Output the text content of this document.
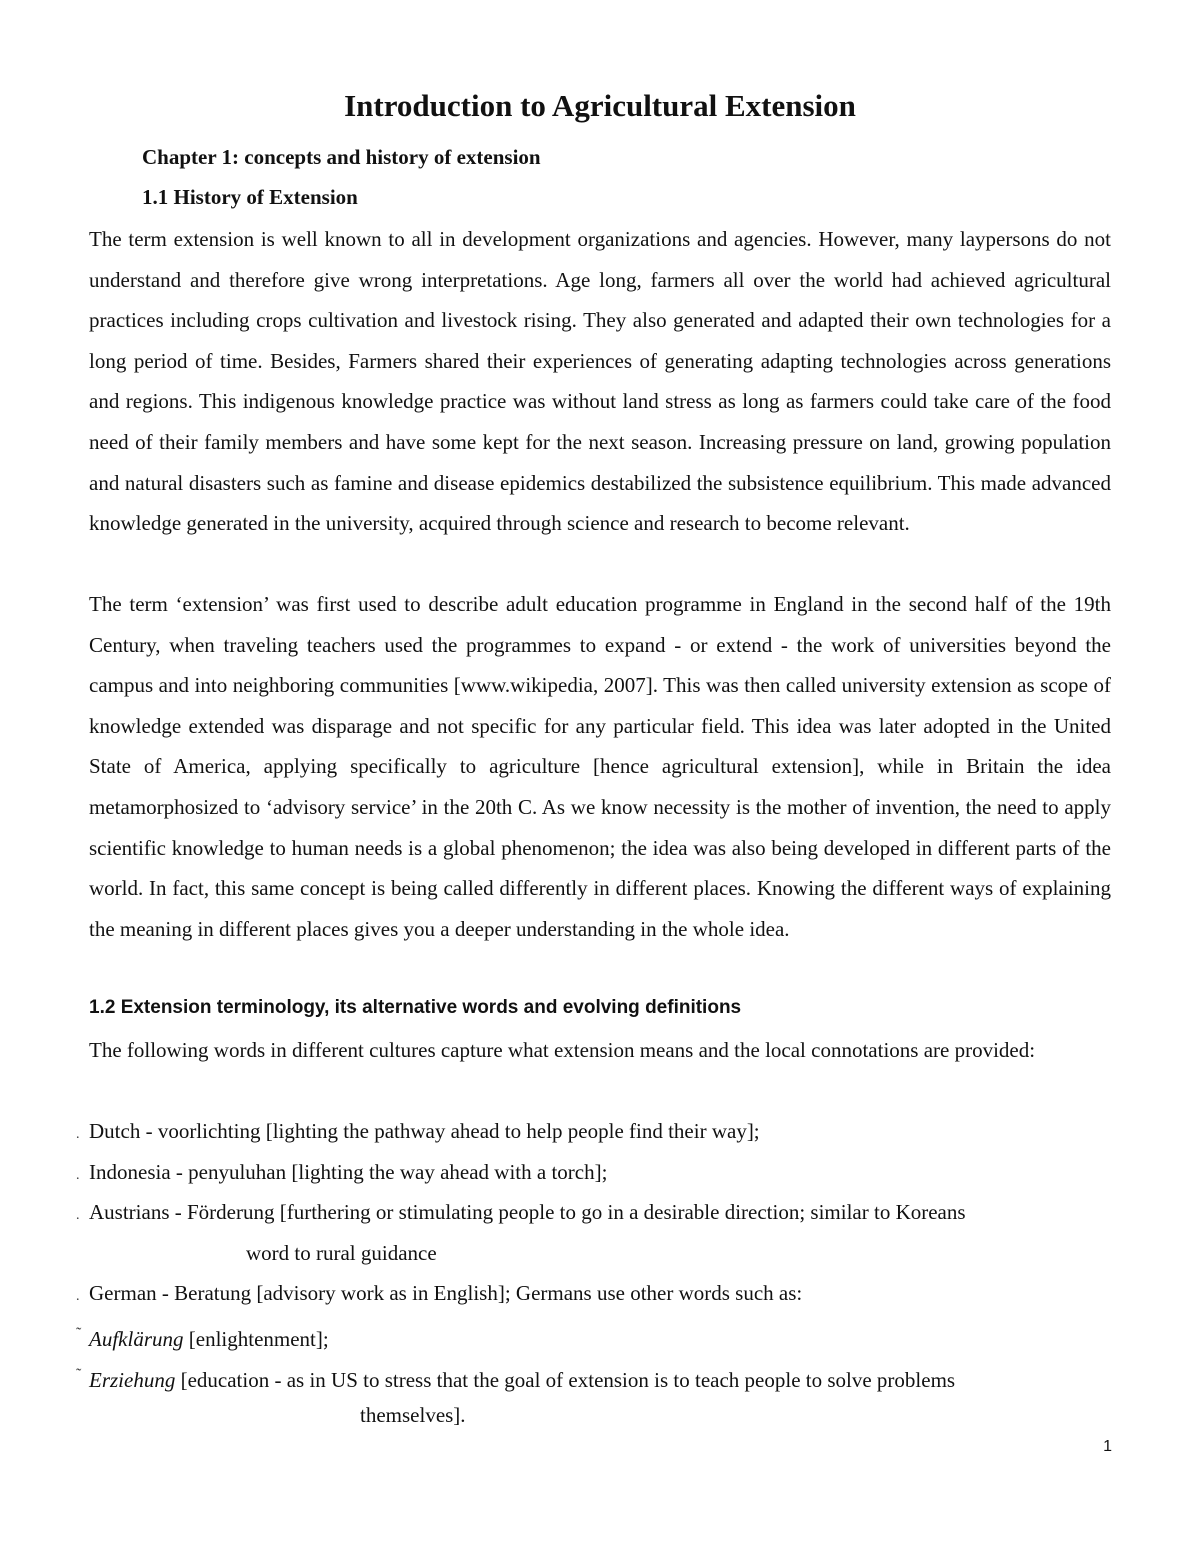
Introduction to Agricultural Extension

Chapter 1: concepts and history of extension

1.1 History of Extension

The term extension is well known to all in development organizations and agencies. However, many laypersons do not understand and therefore give wrong interpretations. Age long, farmers all over the world had achieved agricultural practices including crops cultivation and livestock rising. They also generated and adapted their own technologies for a long period of time. Besides, Farmers shared their experiences of generating adapting technologies across generations and regions. This indigenous knowledge practice was without land stress as long as farmers could take care of the food need of their family members and have some kept for the next season. Increasing pressure on land, growing population and natural disasters such as famine and disease epidemics destabilized the subsistence equilibrium. This made advanced knowledge generated in the university, acquired through science and research to become relevant.

The term ‘extension’ was first used to describe adult education programme in England in the second half of the 19th Century, when traveling teachers used the programmes to expand - or extend - the work of universities beyond the campus and into neighboring communities [www.wikipedia, 2007]. This was then called university extension as scope of knowledge extended was disparage and not specific for any particular field. This idea was later adopted in the United State of America, applying specifically to agriculture [hence agricultural extension], while in Britain the idea metamorphosized to ‘advisory service’ in the 20th C. As we know necessity is the mother of invention, the need to apply scientific knowledge to human needs is a global phenomenon; the idea was also being developed in different parts of the world. In fact, this same concept is being called differently in different places. Knowing the different ways of explaining the meaning in different places gives you a deeper understanding in the whole idea.

1.2 Extension terminology, its alternative words and evolving definitions

The following words in different cultures capture what extension means and the local connotations are provided:

. Dutch - voorlichting [lighting the pathway ahead to help people find their way];
. Indonesia - penyuluhan [lighting the way ahead with a torch];
. Austrians - Förderung [furthering or stimulating people to go in a desirable direction; similar to Koreans

word to rural guidance

. German - Beratung [advisory work as in English]; Germans use other words such as:
˜ Aufklärung [enlightenment];
˜ Erziehung [education - as in US to stress that the goal of extension is to teach people to solve problems

themselves].

1
